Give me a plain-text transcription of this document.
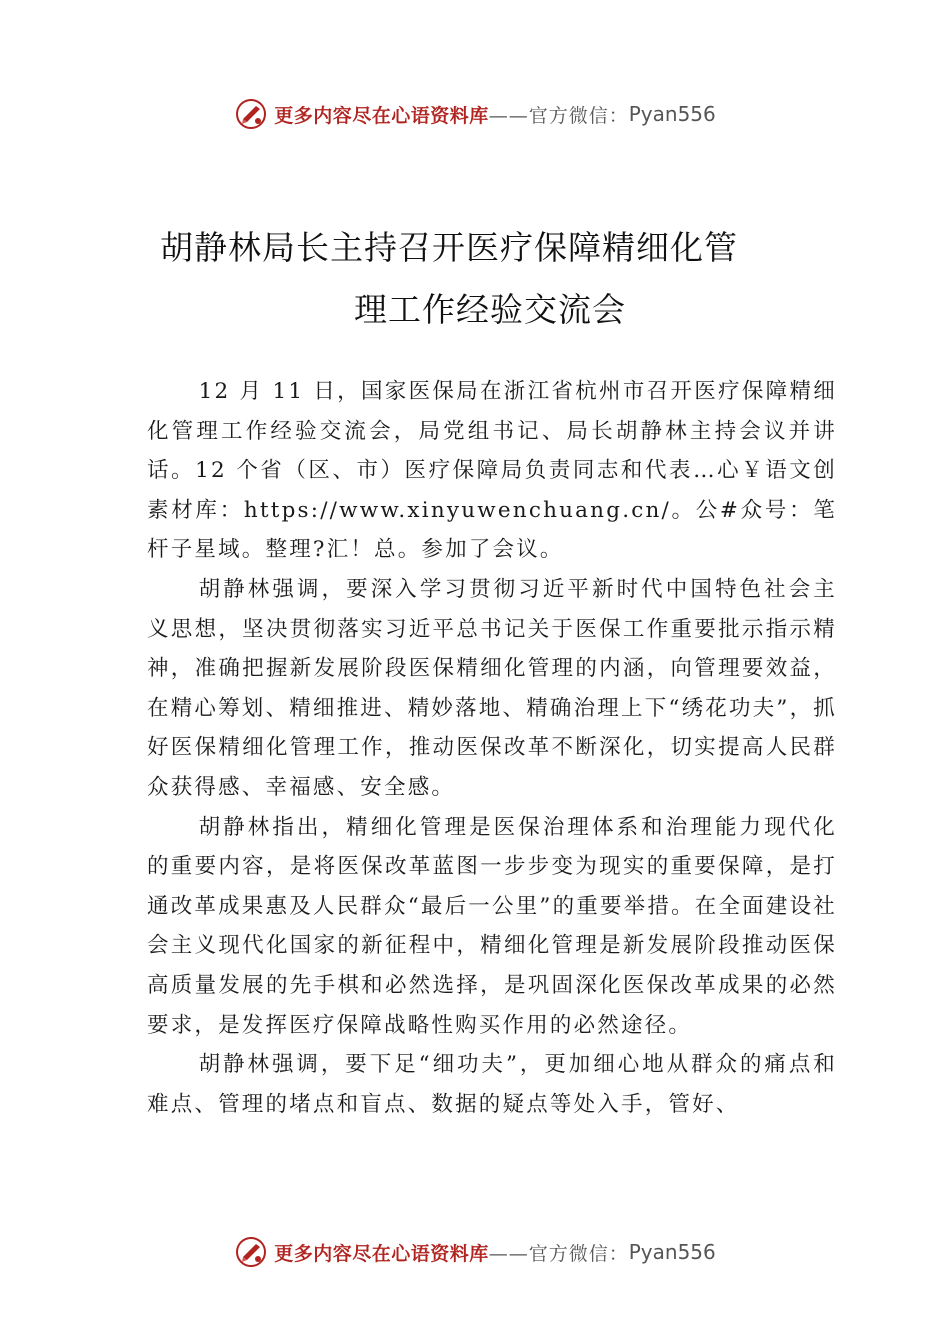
更多内容尽在心语资料库 ——官方微信： Pyan556
胡静林局长主持召开医疗保障精细化管
理工作经验交流会

12 月 11 日，国家医保局在浙江省杭州市召开医疗保障精细化管理工作经验交流会，局党组书记、局长胡静林主持会议并讲话。12 个省（区、市）医疗保障局负责同志和代表…心￥语文创素材库：https://www.xinyuwenchuang.cn/。公#众号：笔杆子星域。整理?汇！总。参加了会议。

胡静林强调，要深入学习贯彻习近平新时代中国特色社会主义思想，坚决贯彻落实习近平总书记关于医保工作重要批示指示精神，准确把握新发展阶段医保精细化管理的内涵，向管理要效益，在精心筹划、精细推进、精妙落地、精确治理上下“绣花功夫”，抓好医保精细化管理工作，推动医保改革不断深化，切实提高人民群众获得感、幸福感、安全感。

胡静林指出，精细化管理是医保治理体系和治理能力现代化的重要内容，是将医保改革蓝图一步步变为现实的重要保障，是打通改革成果惠及人民群众“最后一公里”的重要举措。在全面建设社会主义现代化国家的新征程中，精细化管理是新发展阶段推动医保高质量发展的先手棋和必然选择，是巩固深化医保改革成果的必然要求，是发挥医疗保障战略性购买作用的必然途径。

胡静林强调，要下足“细功夫”，更加细心地从群众的痛点和难点、管理的堵点和盲点、数据的疑点等处入手，管好、

更多内容尽在心语资料库 ——官方微信： Pyan556
